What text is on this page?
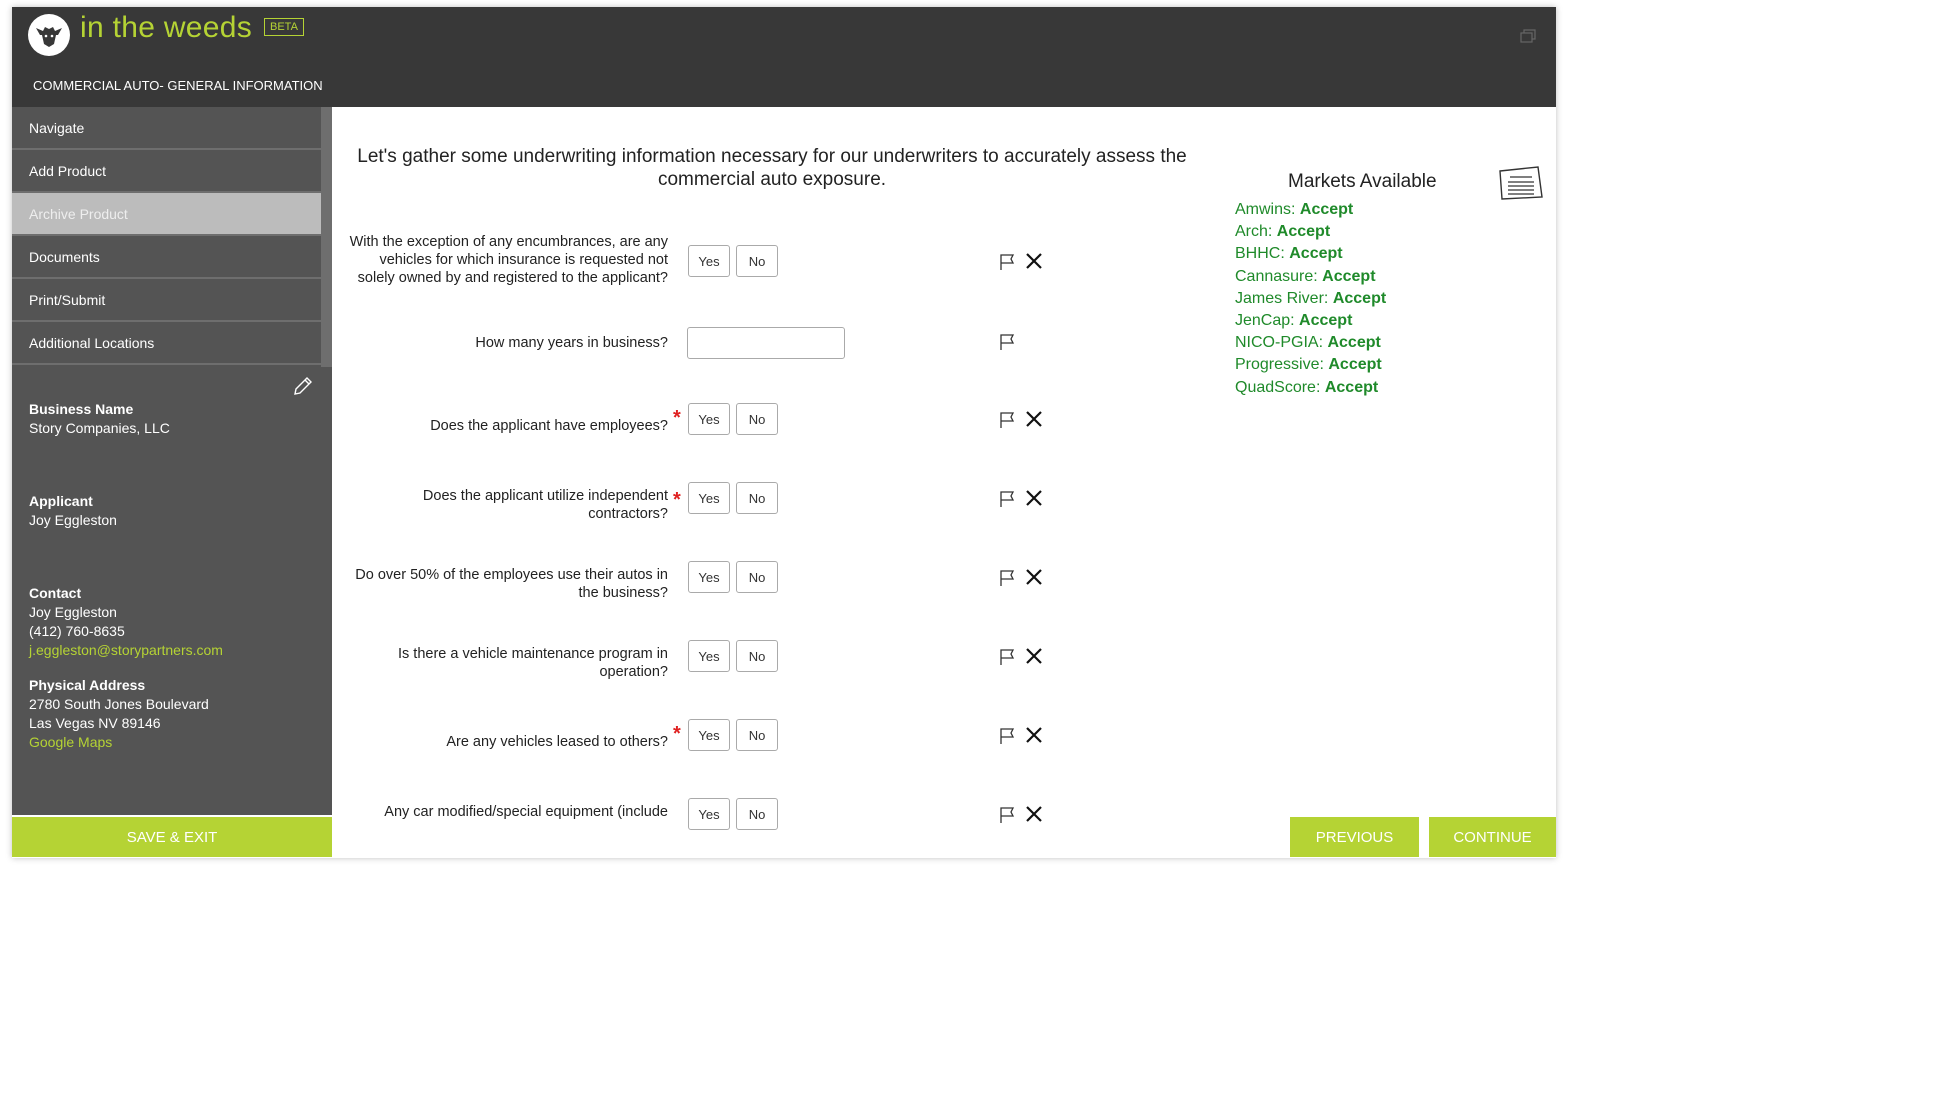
in the weeds	BETA
COMMERCIAL AUTO- GENERAL INFORMATION
Navigate
Add Product
Archive Product
Documents
Print/Submit
Additional Locations
Business Name
Story Companies, LLC
Applicant
Joy Eggleston
Contact
Joy Eggleston
(412) 760-8635
j.eggleston@storypartners.com
Physical Address
2780 South Jones Boulevard
Las Vegas NV 89146
Google Maps
SAVE & EXIT
Let's gather some underwriting information necessary for our underwriters to accurately assess the commercial auto exposure.
With the exception of any encumbrances, are any vehicles for which insurance is requested not solely owned by and registered to the applicant?
Yes	No
How many years in business?
Does the applicant have employees? *	Yes	No
Does the applicant utilize independent contractors?
*	Yes	No
Do over 50% of the employees use their autos in the business?
Yes	No
Is there a vehicle maintenance program in operation?
Yes	No
Are any vehicles leased to others? *	Yes	No
Any car modified/special equipment (include	Yes	No
Markets Available
Amwins: Accept
Arch: Accept
BHHC: Accept
Cannasure: Accept
James River: Accept
JenCap: Accept
NICO-PGIA: Accept
Progressive: Accept
QuadScore: Accept
PREVIOUS	CONTINUE
